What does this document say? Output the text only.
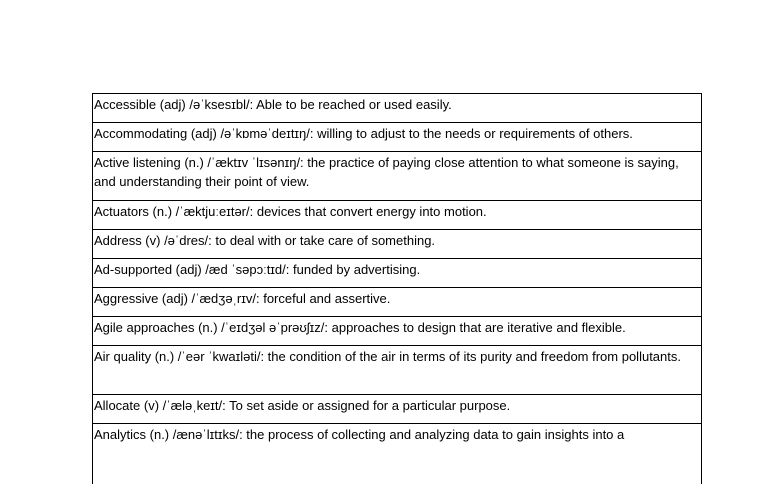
Accessible (adj) /əˈksesɪbl/: Able to be reached or used easily.
Accommodating (adj) /əˈkɒməˈdeɪtɪŋ/: willing to adjust to the needs or requirements of others.
Active listening (n.) /ˈæktɪv ˈlɪsənɪŋ/: the practice of paying close attention to what someone is saying, and understanding their point of view.
Actuators (n.) /ˈæktjuːeɪtər/: devices that convert energy into motion.
Address (v) /əˈdres/: to deal with or take care of something.
Ad-supported (adj) /æd ˈsəpɔːtɪd/: funded by advertising.
Aggressive (adj) /ˈædʒəˌrɪv/: forceful and assertive.
Agile approaches (n.) /ˈeɪdʒəl əˈprəʊʃɪz/: approaches to design that are iterative and flexible.
Air quality (n.) /ˈeər ˈkwaɪləti/: the condition of the air in terms of its purity and freedom from pollutants.
Allocate (v) /ˈæləˌkeɪt/: To set aside or assigned for a particular purpose.
Analytics (n.) /ænəˈlɪtɪks/: the process of collecting and analyzing data to gain insights into a
